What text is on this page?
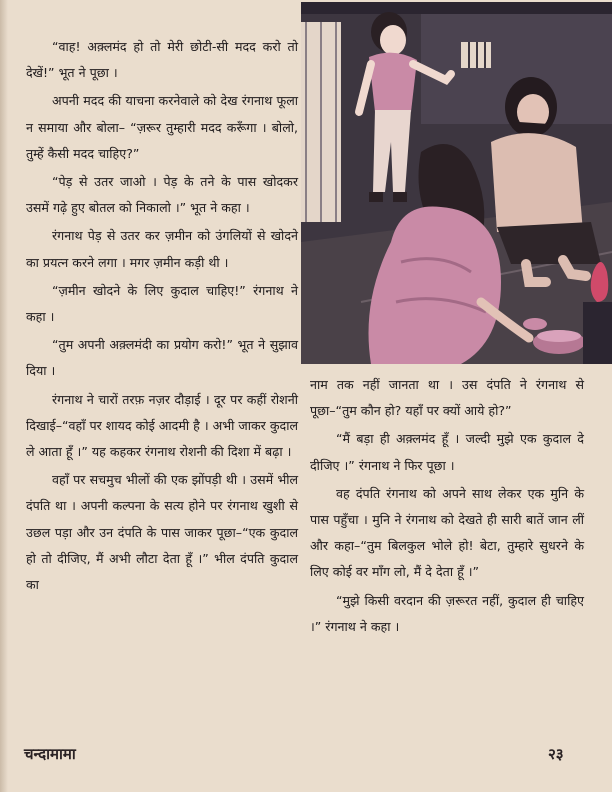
“वाह! अक़्लमंद हो तो मेरी छोटी-सी मदद करो तो देखें!” भूत ने पूछा ।

अपनी मदद की याचना करनेवाले को देख रंगनाथ फूला न समाया और बोला– “ज़रूर तुम्हारी मदद करूँगा । बोलो, तुम्हें कैसी मदद चाहिए?”

“पेड़ से उतर जाओ । पेड़ के तने के पास खोदकर उसमें गढ़े हुए बोतल को निकालो ।” भूत ने कहा ।

रंगनाथ पेड़ से उतर कर ज़मीन को उंगलियों से खोदने का प्रयत्न करने लगा । मगर ज़मीन कड़ी थी ।

“ज़मीन खोदने के लिए कुदाल चाहिए!” रंगनाथ ने कहा ।

“तुम अपनी अक़्लमंदी का प्रयोग करो!” भूत ने सुझाव दिया ।

रंगनाथ ने चारों तरफ़ नज़र दौड़ाई । दूर पर कहीं रोशनी दिखाई–“वहाँ पर शायद कोई आदमी है । अभी जाकर कुदाल ले आता हूँ ।” यह कहकर रंगनाथ रोशनी की दिशा में बढ़ा ।

वहाँ पर सचमुच भीलों की एक झोंपड़ी थी । उसमें भील दंपति था । अपनी कल्पना के सत्य होने पर रंगनाथ खुशी से उछल पड़ा और उन दंपति के पास जाकर पूछा–“एक कुदाल हो तो दीजिए, मैं अभी लौटा देता हूँ ।” भील दंपति कुदाल का

नाम तक नहीं जानता था । उस दंपति ने रंगनाथ से पूछा–“तुम कौन हो? यहाँ पर क्यों आये हो?”

“मैं बड़ा ही अक़्लमंद हूँ । जल्दी मुझे एक कुदाल दे दीजिए ।” रंगनाथ ने फिर पूछा ।

वह दंपति रंगनाथ को अपने साथ लेकर एक मुनि के पास पहुँचा । मुनि ने रंगनाथ को देखते ही सारी बातें जान लीं और कहा–“तुम बिलकुल भोले हो! बेटा, तुम्हारे सुधरने के लिए कोई वर माँग लो, मैं दे देता हूँ ।”

“मुझे किसी वरदान की ज़रूरत नहीं, कुदाल ही चाहिए ।” रंगनाथ ने कहा ।

चन्दामामा	२३
